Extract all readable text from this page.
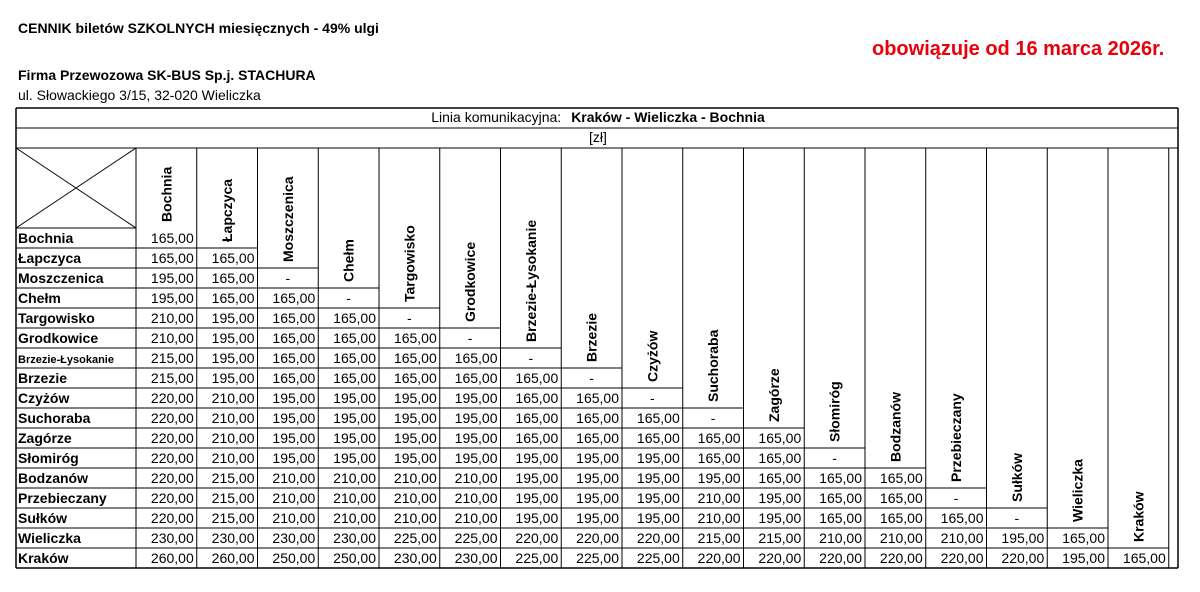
CENNIK biletów SZKOLNYCH miesięcznych - 49% ulgi
obowiązuje od 16 marca 2026r.
Firma Przewozowa SK-BUS Sp.j. STACHURA
ul. Słowackiego 3/15, 32-020 Wieliczka
Linia komunikacyjna: Kraków - Wieliczka - Bochnia
[zł]
Bochnia	Łapczyca	Moszczenica	Chełm	Targowisko	Grodkowice	Brzezie-Łysokanie	Brzezie	Czyżów	Suchoraba	Zagórze	Słomiróg	Bodzanów	Przebieczany	Sułków	Wieliczka	Kraków
Bochnia	165,00
Łapczyca	165,00 165,00
Moszczenica	195,00 165,00 -
Chełm	195,00 165,00 165,00 -
Targowisko	210,00 195,00 165,00 165,00 -
Grodkowice	210,00 195,00 165,00 165,00 165,00 -
Brzezie-Łysokanie	215,00 195,00 165,00 165,00 165,00 165,00 -
Brzezie	215,00 195,00 165,00 165,00 165,00 165,00 165,00 -
Czyżów	220,00 210,00 195,00 195,00 195,00 195,00 165,00 165,00 -
Suchoraba	220,00 210,00 195,00 195,00 195,00 195,00 165,00 165,00 165,00 -
Zagórze	220,00 210,00 195,00 195,00 195,00 195,00 165,00 165,00 165,00 165,00 165,00
Słomiróg	220,00 210,00 195,00 195,00 195,00 195,00 195,00 195,00 195,00 165,00 165,00 -
Bodzanów	220,00 215,00 210,00 210,00 210,00 210,00 195,00 195,00 195,00 195,00 165,00 165,00 165,00
Przebieczany	220,00 215,00 210,00 210,00 210,00 210,00 195,00 195,00 195,00 210,00 195,00 165,00 165,00 -
Sułków	220,00 215,00 210,00 210,00 210,00 210,00 195,00 195,00 195,00 210,00 195,00 165,00 165,00 165,00 -
Wieliczka	230,00 230,00 230,00 230,00 225,00 225,00 220,00 220,00 220,00 215,00 215,00 210,00 210,00 210,00 195,00 165,00
Kraków	260,00 260,00 250,00 250,00 230,00 230,00 225,00 225,00 225,00 220,00 220,00 220,00 220,00 220,00 220,00 195,00 165,00
